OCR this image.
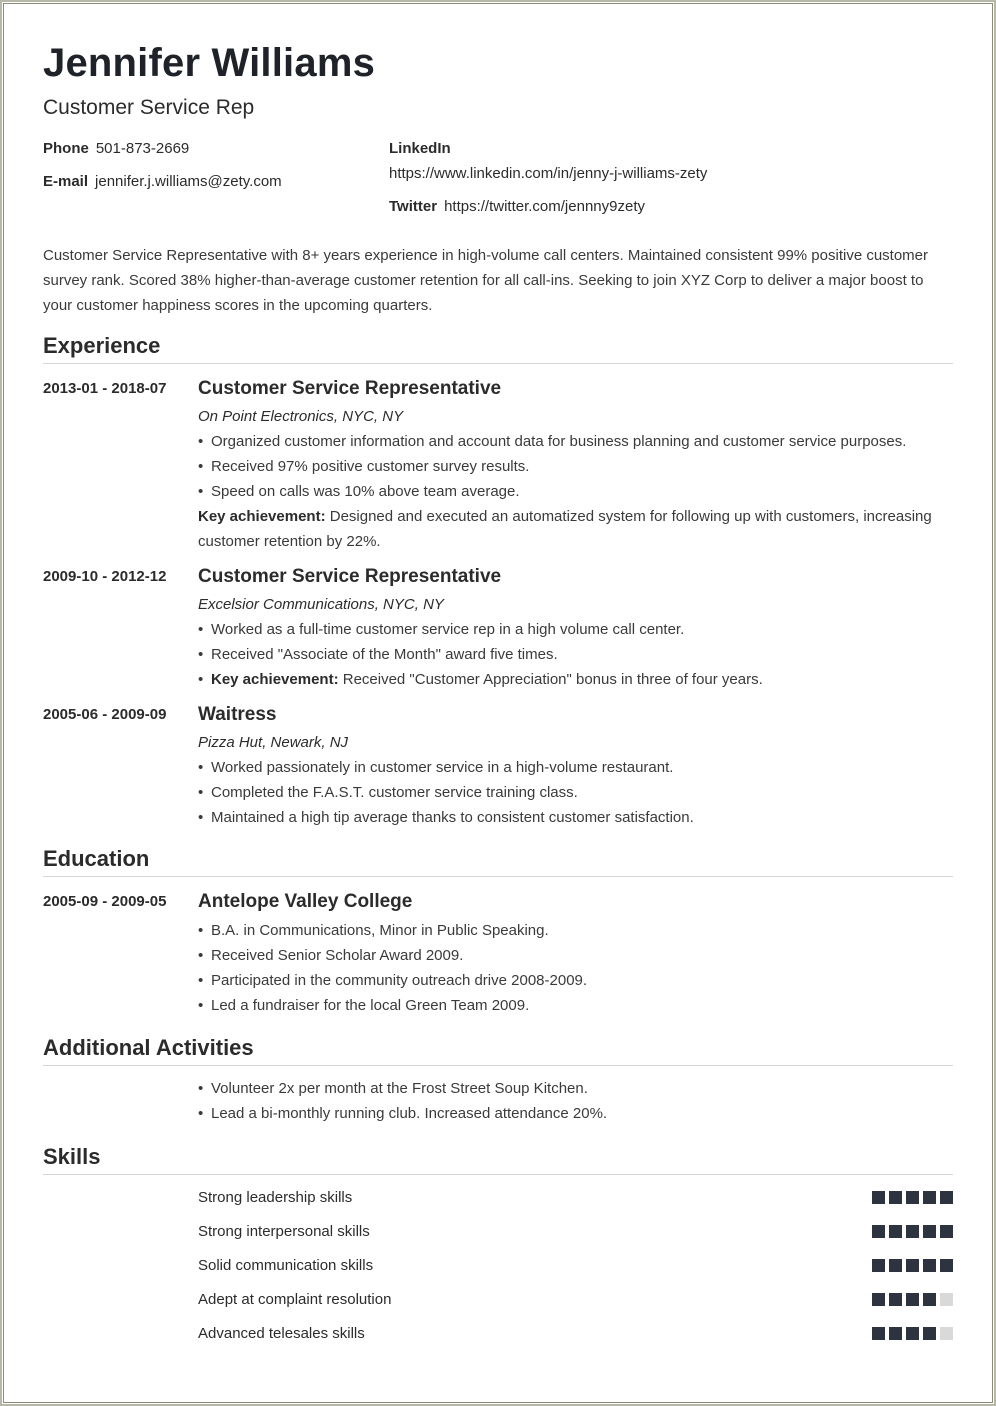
Jennifer Williams
Customer Service Rep
Phone 501-873-2669
E-mail jennifer.j.williams@zety.com
LinkedIn
https://www.linkedin.com/in/jenny-j-williams-zety
Twitter https://twitter.com/jennny9zety
Customer Service Representative with 8+ years experience in high-volume call centers. Maintained consistent 99% positive customer survey rank. Scored 38% higher-than-average customer retention for all call-ins. Seeking to join XYZ Corp to deliver a major boost to your customer happiness scores in the upcoming quarters.
Experience
2013-01 - 2018-07 Customer Service Representative
On Point Electronics, NYC, NY
• Organized customer information and account data for business planning and customer service purposes.
• Received 97% positive customer survey results.
• Speed on calls was 10% above team average.
Key achievement: Designed and executed an automatized system for following up with customers, increasing customer retention by 22%.
2009-10 - 2012-12 Customer Service Representative
Excelsior Communications, NYC, NY
• Worked as a full-time customer service rep in a high volume call center.
• Received "Associate of the Month" award five times.
• Key achievement: Received "Customer Appreciation" bonus in three of four years.
2005-06 - 2009-09 Waitress
Pizza Hut, Newark, NJ
• Worked passionately in customer service in a high-volume restaurant.
• Completed the F.A.S.T. customer service training class.
• Maintained a high tip average thanks to consistent customer satisfaction.
Education
2005-09 - 2009-05 Antelope Valley College
• B.A. in Communications, Minor in Public Speaking.
• Received Senior Scholar Award 2009.
• Participated in the community outreach drive 2008-2009.
• Led a fundraiser for the local Green Team 2009.
Additional Activities
• Volunteer 2x per month at the Frost Street Soup Kitchen.
• Lead a bi-monthly running club. Increased attendance 20%.
Skills
Strong leadership skills
Strong interpersonal skills
Solid communication skills
Adept at complaint resolution
Advanced telesales skills
